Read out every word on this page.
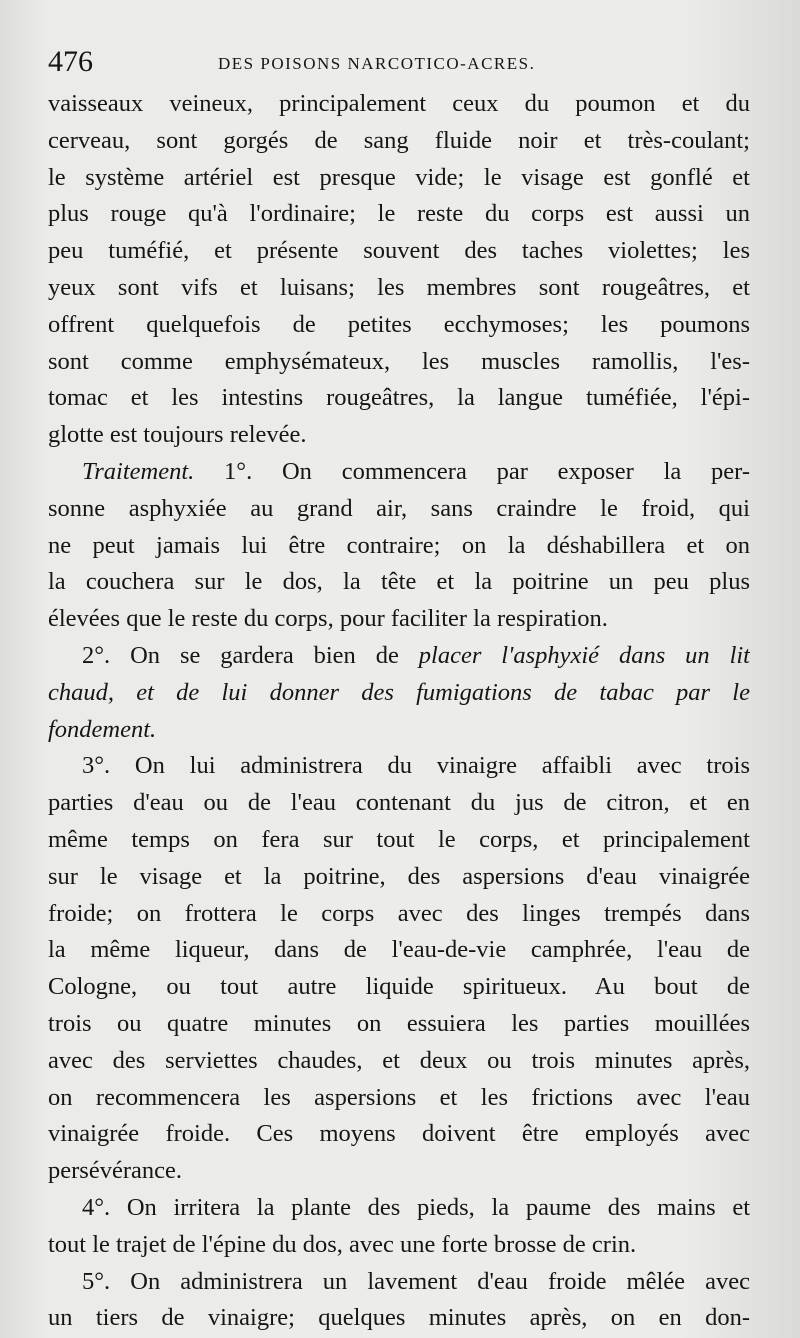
476	DES POISONS NARCOTICO-ACRES.
vaisseaux veineux, principalement ceux du poumon et du
cerveau, sont gorgés de sang fluide noir et très-coulant;
le système artériel est presque vide; le visage est gonflé et
plus rouge qu'à l'ordinaire; le reste du corps est aussi un
peu tuméfié, et présente souvent des taches violettes; les
yeux sont vifs et luisans; les membres sont rougeâtres, et
offrent quelquefois de petites ecchymoses; les poumons
sont comme emphysémateux, les muscles ramollis, l'es-
tomac et les intestins rougeâtres, la langue tuméfiée, l'épi-
glotte est toujours relevée.
Traitement. 1°. On commencera par exposer la per-
sonne asphyxiée au grand air, sans craindre le froid, qui
ne peut jamais lui être contraire; on la déshabillera et on
la couchera sur le dos, la tête et la poitrine un peu plus
élevées que le reste du corps, pour faciliter la respiration.
2°. On se gardera bien de placer l'asphyxié dans un lit
chaud, et de lui donner des fumigations de tabac par le
fondement.
3°. On lui administrera du vinaigre affaibli avec trois
parties d'eau ou de l'eau contenant du jus de citron, et en
même temps on fera sur tout le corps, et principalement
sur le visage et la poitrine, des aspersions d'eau vinaigrée
froide; on frottera le corps avec des linges trempés dans
la même liqueur, dans de l'eau-de-vie camphrée, l'eau de
Cologne, ou tout autre liquide spiritueux. Au bout de
trois ou quatre minutes on essuiera les parties mouillées
avec des serviettes chaudes, et deux ou trois minutes après,
on recommencera les aspersions et les frictions avec l'eau
vinaigrée froide. Ces moyens doivent être employés avec
persévérance.
4°. On irritera la plante des pieds, la paume des mains et
tout le trajet de l'épine du dos, avec une forte brosse de crin.
5°. On administrera un lavement d'eau froide mêlée avec
un tiers de vinaigre; quelques minutes après, on en don-
